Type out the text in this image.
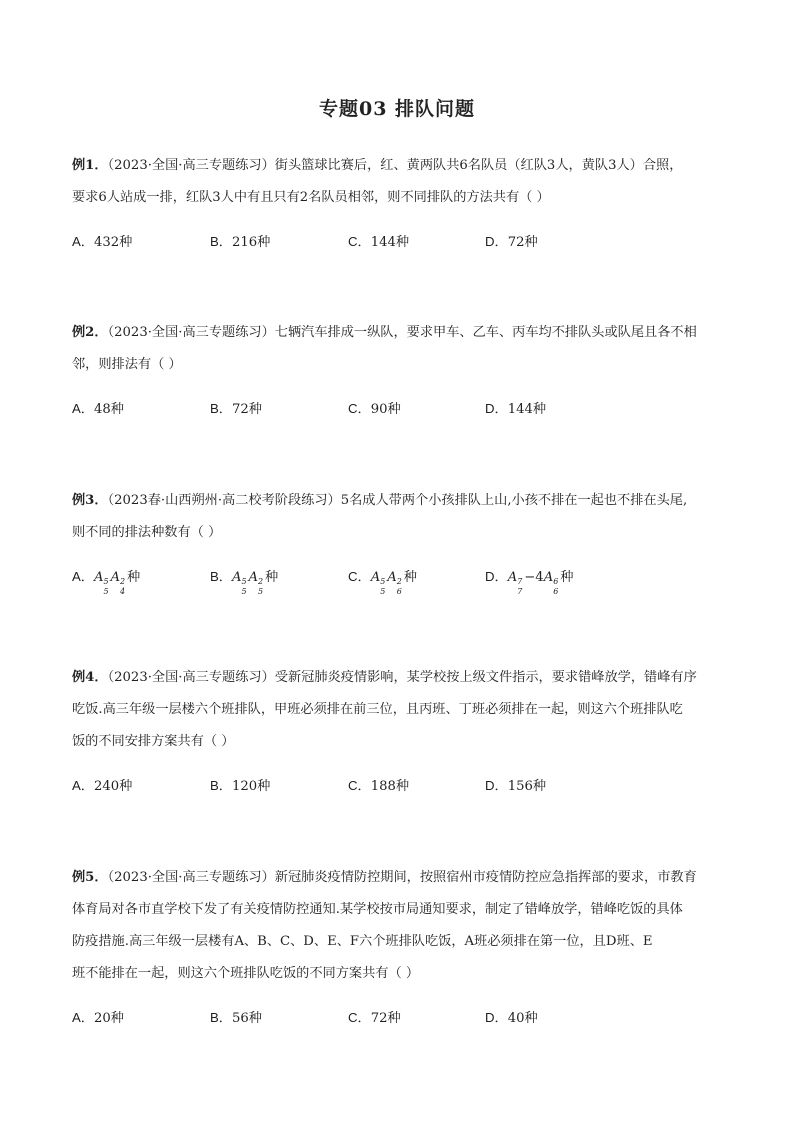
专题03 排队问题
例1．（2023·全国·高三专题练习）街头篮球比赛后，红、黄两队共6名队员（红队3人，黄队3人）合照，
要求6人站成一排，红队3人中有且只有2名队员相邻，则不同排队的方法共有（ ）
A．432种	B．216种	C．144种	D．72种
例2．（2023·全国·高三专题练习）七辆汽车排成一纵队，要求甲车、乙车、丙车均不排队头或队尾且各不相
邻，则排法有（ ）
A．48种	B．72种	C．90种	D．144种
例3．（2023春·山西朔州·高二校考阶段练习）5名成人带两个小孩排队上山,小孩不排在一起也不排在头尾,
则不同的排法种数有（ ）
A．A 5
5
A 2
4
种	B．A 5
5
A 2
5
种	C．A 5
5
A 2
6
种	D．A 7
7
−4A 6
6
种
例4．（2023·全国·高三专题练习）受新冠肺炎疫情影响，某学校按上级文件指示，要求错峰放学，错峰有序
吃饭.高三年级一层楼六个班排队，甲班必须排在前三位，且丙班、丁班必须排在一起，则这六个班排队吃
饭的不同安排方案共有（ ）
A．240种	B．120种	C．188种	D．156种
例5．（2023·全国·高三专题练习）新冠肺炎疫情防控期间，按照宿州市疫情防控应急指挥部的要求，市教育
体育局对各市直学校下发了有关疫情防控通知.某学校按市局通知要求，制定了错峰放学，错峰吃饭的具体
防疫措施.高三年级一层楼有A、B、C、D、E、F六个班排队吃饭，A班必须排在第一位，且D班、E
班不能排在一起，则这六个班排队吃饭的不同方案共有（ ）
A．20种	B．56种	C．72种	D．40种
